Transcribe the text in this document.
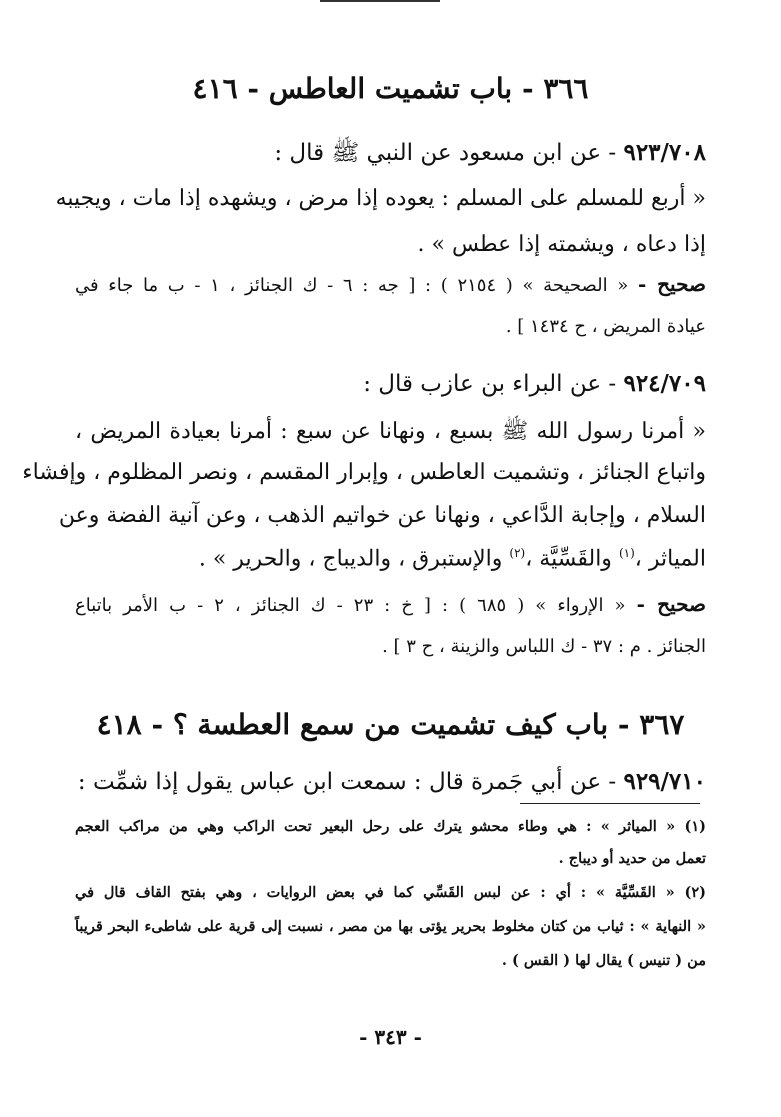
٣٦٦ - باب تشميت العاطس - ٤١٦
٩٢٣/٧٠٨ - عن ابن مسعود عن النبي ﷺ قال :
« أربع للمسلم على المسلم : يعوده إذا مرض ، ويشهده إذا مات ، ويجيبه
إذا دعاه ، ويشمته إذا عطس » .
صحيح - « الصحيحة » ( ٢١٥٤ ) : [ جه : ٦ - ك الجنائز ، ١ - ب ما جاء في
عيادة المريض ، ح ١٤٣٤ ] .
٩٢٤/٧٠٩ - عن البراء بن عازب قال :
« أمرنا رسول الله ﷺ بسبع ، ونهانا عن سبع : أمرنا بعيادة المريض ،
واتباع الجنائز ، وتشميت العاطس ، وإبرار المقسم ، ونصر المظلوم ، وإفشاء
السلام ، وإجابة الدَّاعي ، ونهانا عن خواتيم الذهب ، وعن آنية الفضة وعن
المياثر ،$^{(١)}$ والقَسِّيَّة ،$^{(٢)}$ والإستبرق ، والديباج ، والحرير » .
صحيح - « الإرواء » ( ٦٨٥ ) : [ خ : ٢٣ - ك الجنائز ، ٢ - ب الأمر باتباع
الجنائز . م : ٣٧ - ك اللباس والزينة ، ح ٣ ] .
٣٦٧ - باب كيف تشميت من سمع العطسة ؟ - ٤١٨
٩٢٩/٧١٠ - عن أبي جَمرة قال : سمعت ابن عباس يقول إذا شمِّت :
(١) « المياثر » : هي وطاء محشو يترك على رحل البعير تحت الراكب وهي من مراكب العجم
تعمل من حديد أو ديباج .
(٢) « القَسِّيَّة » : أي : عن لبس القَسِّي كما في بعض الروايات ، وهي بفتح القاف قال في
« النهاية » : ثياب من كتان مخلوط بحرير يؤتى بها من مصر ، نسبت إلى قرية على شاطىء البحر قريباً
من ( تنيس ) يقال لها ( القس ) .
- ٣٤٣ -
